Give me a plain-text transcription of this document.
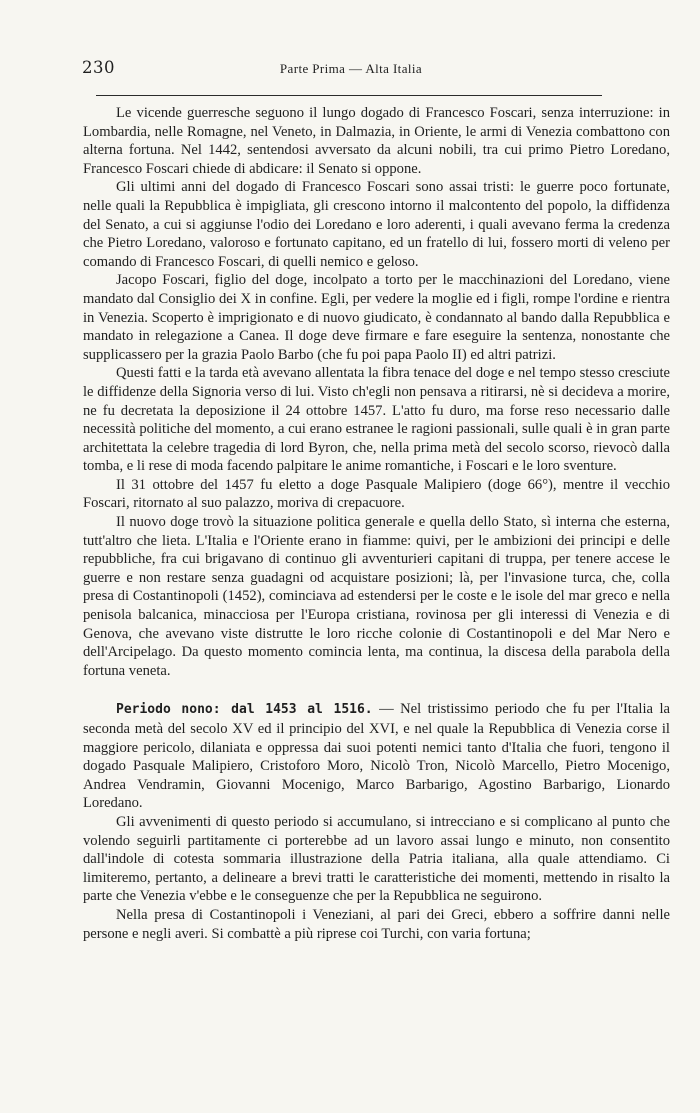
230	Parte Prima — Alta Italia

Le vicende guerresche seguono il lungo dogado di Francesco Foscari, senza interruzione: in Lombardia, nelle Romagne, nel Veneto, in Dalmazia, in Oriente, le armi di Venezia combattono con alterna fortuna. Nel 1442, sentendosi avversato da alcuni nobili, tra cui primo Pietro Loredano, Francesco Foscari chiede di abdicare: il Senato si oppone.

Gli ultimi anni del dogado di Francesco Foscari sono assai tristi: le guerre poco fortunate, nelle quali la Repubblica è impigliata, gli crescono intorno il malcontento del popolo, la diffidenza del Senato, a cui si aggiunse l'odio dei Loredano e loro aderenti, i quali avevano ferma la credenza che Pietro Loredano, valoroso e fortunato capitano, ed un fratello di lui, fossero morti di veleno per comando di Francesco Foscari, di quelli nemico e geloso.

Jacopo Foscari, figlio del doge, incolpato a torto per le macchinazioni del Loredano, viene mandato dal Consiglio dei X in confine. Egli, per vedere la moglie ed i figli, rompe l'ordine e rientra in Venezia. Scoperto è imprigionato e di nuovo giudicato, è condannato al bando dalla Repubblica e mandato in relegazione a Canea. Il doge deve firmare e fare eseguire la sentenza, nonostante che supplicassero per la grazia Paolo Barbo (che fu poi papa Paolo II) ed altri patrizi.

Questi fatti e la tarda età avevano allentata la fibra tenace del doge e nel tempo stesso cresciute le diffidenze della Signoria verso di lui. Visto ch'egli non pensava a ritirarsi, nè si decideva a morire, ne fu decretata la deposizione il 24 ottobre 1457. L'atto fu duro, ma forse reso necessario dalle necessità politiche del momento, a cui erano estranee le ragioni passionali, sulle quali è in gran parte architettata la celebre tragedia di lord Byron, che, nella prima metà del secolo scorso, rievocò dalla tomba, e li rese di moda facendo palpitare le anime romantiche, i Foscari e le loro sventure.

Il 31 ottobre del 1457 fu eletto a doge Pasquale Malipiero (doge 66°), mentre il vecchio Foscari, ritornato al suo palazzo, moriva di crepacuore.

Il nuovo doge trovò la situazione politica generale e quella dello Stato, sì interna che esterna, tutt'altro che lieta. L'Italia e l'Oriente erano in fiamme: quivi, per le ambizioni dei principi e delle repubbliche, fra cui brigavano di continuo gli avventurieri capitani di truppa, per tenere accese le guerre e non restare senza guadagni od acquistare posizioni; là, per l'invasione turca, che, colla presa di Costantinopoli (1452), cominciava ad estendersi per le coste e le isole del mar greco e nella penisola balcanica, minacciosa per l'Europa cristiana, rovinosa per gli interessi di Venezia e di Genova, che avevano viste distrutte le loro ricche colonie di Costantinopoli e del Mar Nero e dell'Arcipelago. Da questo momento comincia lenta, ma continua, la discesa della parabola della fortuna veneta.

Periodo nono: dal 1453 al 1516. — Nel tristissimo periodo che fu per l'Italia la seconda metà del secolo XV ed il principio del XVI, e nel quale la Repubblica di Venezia corse il maggiore pericolo, dilaniata e oppressa dai suoi potenti nemici tanto d'Italia che fuori, tengono il dogado Pasquale Malipiero, Cristoforo Moro, Nicolò Tron, Nicolò Marcello, Pietro Mocenigo, Andrea Vendramin, Giovanni Mocenigo, Marco Barbarigo, Agostino Barbarigo, Lionardo Loredano.

Gli avvenimenti di questo periodo si accumulano, si intrecciano e si complicano al punto che volendo seguirli partitamente ci porterebbe ad un lavoro assai lungo e minuto, non consentito dall'indole di cotesta sommaria illustrazione della Patria italiana, alla quale attendiamo. Ci limiteremo, pertanto, a delineare a brevi tratti le caratteristiche dei momenti, mettendo in risalto la parte che Venezia v'ebbe e le conseguenze che per la Repubblica ne seguirono.

Nella presa di Costantinopoli i Veneziani, al pari dei Greci, ebbero a soffrire danni nelle persone e negli averi. Si combattè a più riprese coi Turchi, con varia fortuna;
